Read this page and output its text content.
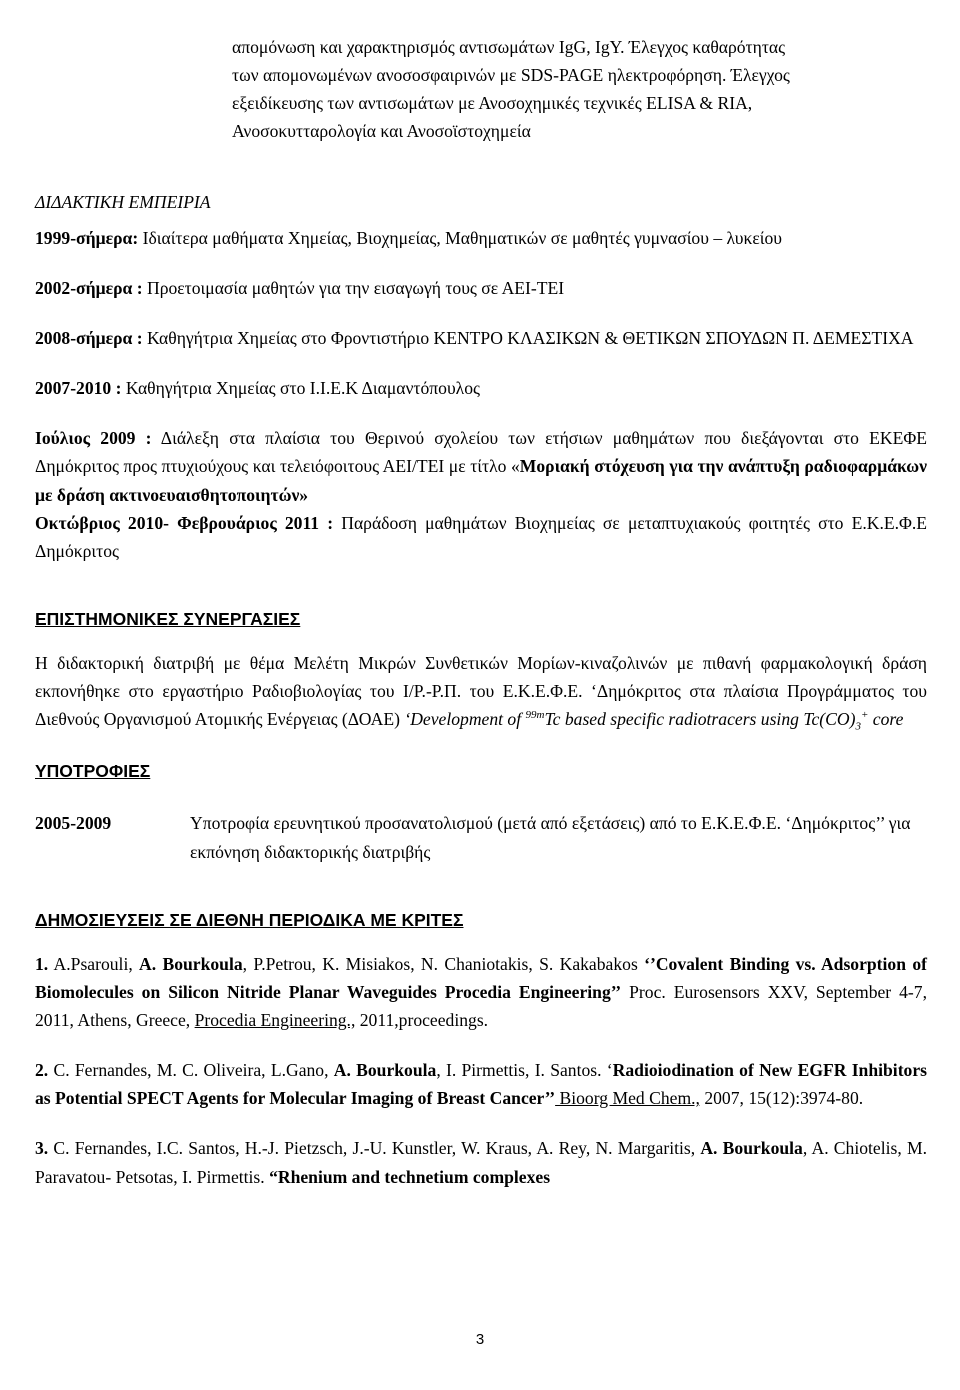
απομόνωση και χαρακτηρισμός αντισωμάτων IgG, IgY. Έλεγχος καθαρότητας

των απομονωμένων ανοσοσφαιρινών με SDS-PAGE ηλεκτροφόρηση. Έλεγχος

εξειδίκευσης των αντισωμάτων με Ανοσοχημικές τεχνικές ELISA & RIA,

Ανοσοκυτταρολογία και Ανοσοϊστοχημεία

ΔΙΔΑΚΤΙΚΗ ΕΜΠΕΙΡΙΑ

1999-σήμερα: Ιδιαίτερα μαθήματα Χημείας, Βιοχημείας, Μαθηματικών σε μαθητές γυμνασίου – λυκείου

2002-σήμερα : Προετοιμασία μαθητών για την εισαγωγή τους σε ΑΕΙ-ΤΕΙ

2008-σήμερα : Καθηγήτρια Χημείας στο Φροντιστήριο ΚΕΝΤΡΟ ΚΛΑΣΙΚΩΝ & ΘΕΤΙΚΩΝ ΣΠΟΥΔΩΝ Π. ΔΕΜΕΣΤΙΧΑ

2007-2010 : Καθηγήτρια Χημείας στο Ι.Ι.Ε.Κ Διαμαντόπουλος

Ιούλιος 2009 : Διάλεξη στα πλαίσια του Θερινού σχολείου των ετήσιων μαθημάτων που διεξάγονται στο ΕΚΕΦΕ Δημόκριτος προς πτυχιούχους και τελειόφοιτους ΑΕΙ/ΤΕΙ με τίτλο «Μοριακή στόχευση για την ανάπτυξη ραδιοφαρμάκων με δράση ακτινοευαισθητοποιητών»

Οκτώβριος 2010- Φεβρουάριος 2011 : Παράδοση μαθημάτων Βιοχημείας σε μεταπτυχιακούς φοιτητές στο Ε.Κ.Ε.Φ.Ε Δημόκριτος

ΕΠΙΣΤΗΜΟΝΙΚΕΣ ΣΥΝΕΡΓΑΣΙΕΣ

Η διδακτορική διατριβή με θέμα Μελέτη Μικρών Συνθετικών Μορίων-κιναζολινών με πιθανή φαρμακολογική δράση εκπονήθηκε στο εργαστήριο Ραδιοβιολογίας του Ι/Ρ.-Ρ.Π. του Ε.Κ.Ε.Φ.Ε. ‘Δημόκριτος στα πλαίσια Προγράμματος του Διεθνούς Οργανισμού Ατομικής Ενέργειας (ΔΟΑΕ) ‘Development of $^{99m}$Tc based specific radiotracers using $Tc(CO)_3^+$ core

ΥΠΟΤΡΟΦΙΕΣ

2005-2009	Υποτροφία ερευνητικού προσανατολισμού (μετά από εξετάσεις) από το Ε.Κ.Ε.Φ.Ε. ‘Δημόκριτος’’ για εκπόνηση διδακτορικής διατριβής

ΔΗΜΟΣΙΕΥΣΕΙΣ ΣΕ ΔΙΕΘΝΗ ΠΕΡΙΟΔΙΚΑ ΜΕ ΚΡΙΤΕΣ

1. A.Psarouli, A. Bourkoula, P.Petrou, K. Misiakos, N. Chaniotakis, S. Kakabakos ‘’Covalent Binding vs. Adsorption of Biomolecules on Silicon Nitride Planar Waveguides Procedia Engineering’’ Proc. Eurosensors XXV, September 4-7, 2011, Athens, Greece, Procedia Engineering., 2011,proceedings.

2. C. Fernandes, M. C. Oliveira, L.Gano, A. Bourkoula, I. Pirmettis, I. Santos. ‘Radioiodination of New EGFR Inhibitors as Potential SPECT Agents for Molecular Imaging of Breast Cancer’’ Bioorg Med Chem., 2007, 15(12):3974-80.

3. C. Fernandes, I.C. Santos, H.-J. Pietzsch, J.-U. Kunstler, W. Kraus, A. Rey, N. Margaritis, A. Bourkoula, A. Chiotelis, M. Paravatou- Petsotas, I. Pirmettis. “Rhenium and technetium complexes

3
